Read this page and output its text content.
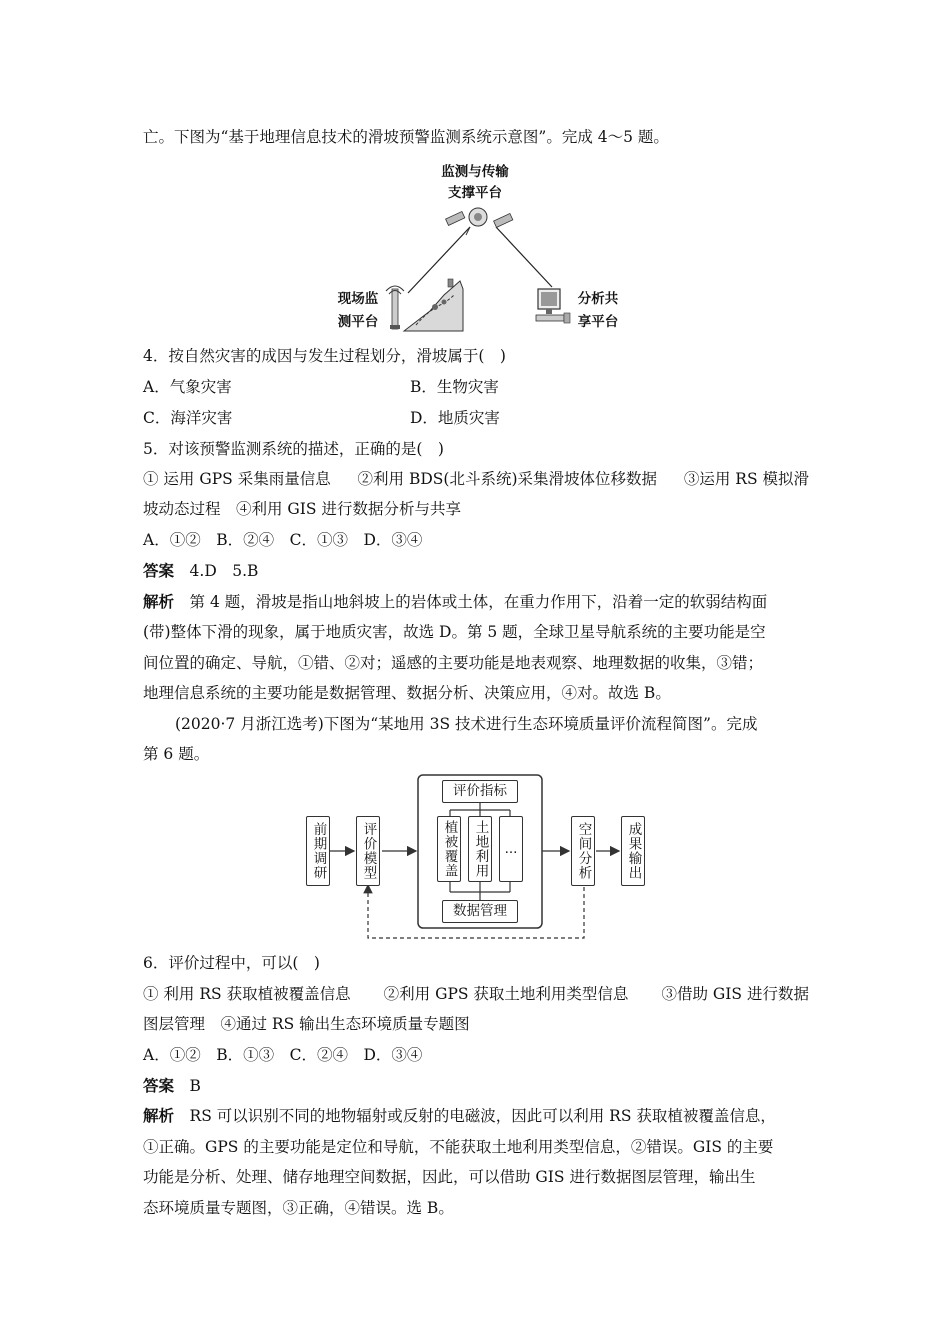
亡。下图为“基于地理信息技术的滑坡预警监测系统示意图”。完成 4～5 题。
监测与传输
支撑平台
现场监
测平台
分析共
享平台
4．按自然灾害的成因与发生过程划分，滑坡属于(　)
A．气象灾害	B．生物灾害
C．海洋灾害	D．地质灾害
5．对该预警监测系统的描述，正确的是(　)
① 运用 GPS 采集雨量信息 ②利用 BDS(北斗系统)采集滑坡体位移数据 ③运用 RS 模拟滑
坡动态过程　④利用 GIS 进行数据分析与共享
A．①②　B．②④　C．①③　D．③④
答案　 4.D　5.B
解析　 第 4 题，滑坡是指山地斜坡上的岩体或土体，在重力作用下，沿着一定的软弱结构面
(带)整体下滑的现象，属于地质灾害，故选 D。第 5 题，全球卫星导航系统的主要功能是空
间位置的确定、导航，①错、②对；遥感的主要功能是地表观察、地理数据的收集，③错；
地理信息系统的主要功能是数据管理、数据分析、决策应用，④对。故选 B。
(2020·7 月浙江选考)下图为“某地用 3S 技术进行生态环境质量评价流程简图”。完成
第 6 题。
前期调研	评价模型
评价指标
植被覆盖 土地利用	...
数据管理
空间分析	成果输出
6．评价过程中，可以(　)
① 利用 RS 获取植被覆盖信息 ②利用 GPS 获取土地利用类型信息 ③借助 GIS 进行数据
图层管理　④通过 RS 输出生态环境质量专题图
A．①②　B．①③　C．②④　D．③④
答案　 B
解析　 RS 可以识别不同的地物辐射或反射的电磁波，因此可以利用 RS 获取植被覆盖信息，
①正确。GPS 的主要功能是定位和导航，不能获取土地利用类型信息，②错误。GIS 的主要
功能是分析、处理、储存地理空间数据，因此，可以借助 GIS 进行数据图层管理，输出生
态环境质量专题图，③正确，④错误。选 B。
